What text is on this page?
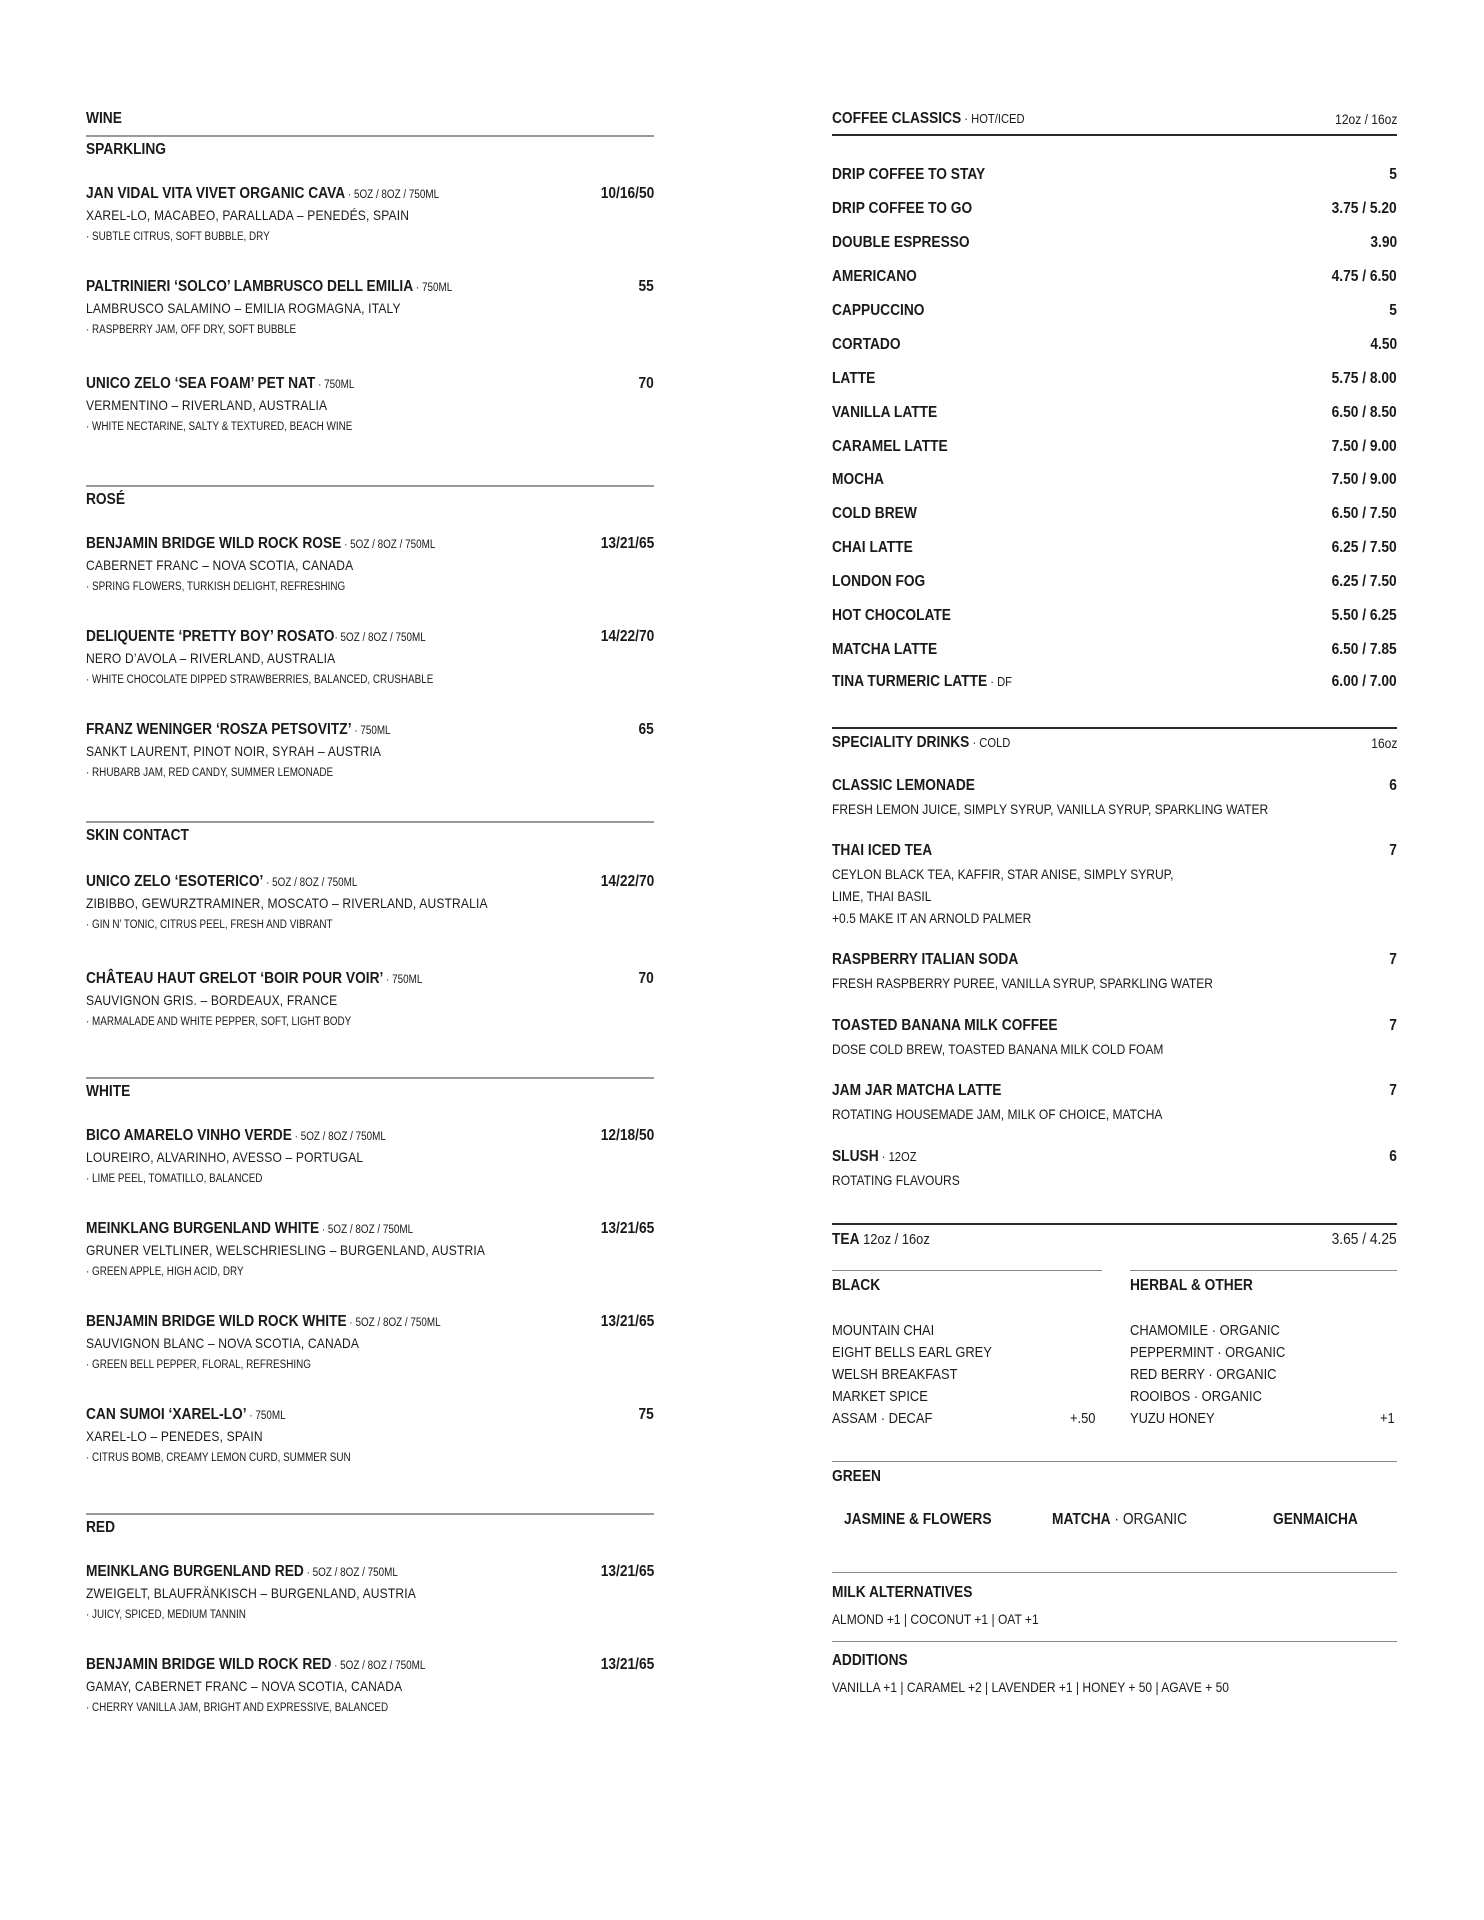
WINE
SPARKLING
JAN VIDAL VITA VIVET ORGANIC CAVA · 5OZ / 8OZ / 750ML	10/16/50
XAREL-LO, MACABEO, PARALLADA – PENEDÉS, SPAIN
· SUBTLE CITRUS, SOFT BUBBLE, DRY
PALTRINIERI ‘SOLCO’ LAMBRUSCO DELL EMILIA · 750ML	55
LAMBRUSCO SALAMINO – EMILIA ROGMAGNA, ITALY
· RASPBERRY JAM, OFF DRY, SOFT BUBBLE
UNICO ZELO ‘SEA FOAM’ PET NAT · 750ML	70
VERMENTINO – RIVERLAND, AUSTRALIA
· WHITE NECTARINE, SALTY & TEXTURED, BEACH WINE
ROSÉ
BENJAMIN BRIDGE WILD ROCK ROSE · 5OZ / 8OZ / 750ML	13/21/65
CABERNET FRANC – NOVA SCOTIA, CANADA
· SPRING FLOWERS, TURKISH DELIGHT, REFRESHING
DELIQUENTE ‘PRETTY BOY’ ROSATO· 5OZ / 8OZ / 750ML	14/22/70
NERO D’AVOLA – RIVERLAND, AUSTRALIA
· WHITE CHOCOLATE DIPPED STRAWBERRIES, BALANCED, CRUSHABLE
FRANZ WENINGER ‘ROSZA PETSOVITZ’ · 750ML	65
SANKT LAURENT, PINOT NOIR, SYRAH – AUSTRIA
· RHUBARB JAM, RED CANDY, SUMMER LEMONADE
SKIN CONTACT
UNICO ZELO ‘ESOTERICO’ · 5OZ / 8OZ / 750ML	14/22/70
ZIBIBBO, GEWURZTRAMINER, MOSCATO – RIVERLAND, AUSTRALIA
· GIN N’ TONIC, CITRUS PEEL, FRESH AND VIBRANT
CHÂTEAU HAUT GRELOT ‘BOIR POUR VOIR’ · 750ML	70
SAUVIGNON GRIS. – BORDEAUX, FRANCE
· MARMALADE AND WHITE PEPPER, SOFT, LIGHT BODY
WHITE
BICO AMARELO VINHO VERDE · 5OZ / 8OZ / 750ML	12/18/50
LOUREIRO, ALVARINHO, AVESSO – PORTUGAL
· LIME PEEL, TOMATILLO, BALANCED
MEINKLANG BURGENLAND WHITE · 5OZ / 8OZ / 750ML	13/21/65
GRUNER VELTLINER, WELSCHRIESLING – BURGENLAND, AUSTRIA
· GREEN APPLE, HIGH ACID, DRY
BENJAMIN BRIDGE WILD ROCK WHITE · 5OZ / 8OZ / 750ML	13/21/65
SAUVIGNON BLANC – NOVA SCOTIA, CANADA
· GREEN BELL PEPPER, FLORAL, REFRESHING
CAN SUMOI ‘XAREL-LO’ · 750ML	75
XAREL-LO – PENEDES, SPAIN
· CITRUS BOMB, CREAMY LEMON CURD, SUMMER SUN
RED
MEINKLANG BURGENLAND RED · 5OZ / 8OZ / 750ML	13/21/65
ZWEIGELT, BLAUFRÄNKISCH – BURGENLAND, AUSTRIA
· JUICY, SPICED, MEDIUM TANNIN
BENJAMIN BRIDGE WILD ROCK RED · 5OZ / 8OZ / 750ML	13/21/65
GAMAY, CABERNET FRANC – NOVA SCOTIA, CANADA
· CHERRY VANILLA JAM, BRIGHT AND EXPRESSIVE, BALANCED
COFFEE CLASSICS · HOT/ICED	12oz / 16oz
DRIP COFFEE TO STAY	5
DRIP COFFEE TO GO	3.75 / 5.20
DOUBLE ESPRESSO	3.90
AMERICANO	4.75 / 6.50
CAPPUCCINO	5
CORTADO	4.50
LATTE	5.75 / 8.00
VANILLA LATTE	6.50 / 8.50
CARAMEL LATTE	7.50 / 9.00
MOCHA	7.50 / 9.00
COLD BREW	6.50 / 7.50
CHAI LATTE	6.25 / 7.50
LONDON FOG	6.25 / 7.50
HOT CHOCOLATE	5.50 / 6.25
MATCHA LATTE	6.50 / 7.85
TINA TURMERIC LATTE · DF	6.00 / 7.00
SPECIALITY DRINKS · COLD	16oz
CLASSIC LEMONADE	6
FRESH LEMON JUICE, SIMPLY SYRUP, VANILLA SYRUP, SPARKLING WATER
THAI ICED TEA	7
CEYLON BLACK TEA, KAFFIR, STAR ANISE, SIMPLY SYRUP,
LIME, THAI BASIL
+0.5 MAKE IT AN ARNOLD PALMER
RASPBERRY ITALIAN SODA	7
FRESH RASPBERRY PUREE, VANILLA SYRUP, SPARKLING WATER
TOASTED BANANA MILK COFFEE	7
DOSE COLD BREW, TOASTED BANANA MILK COLD FOAM
JAM JAR MATCHA LATTE	7
ROTATING HOUSEMADE JAM, MILK OF CHOICE, MATCHA
SLUSH · 12OZ	6
ROTATING FLAVOURS
TEA 12oz / 16oz	3.65 / 4.25
BLACK	HERBAL & OTHER
MOUNTAIN CHAI
EIGHT BELLS EARL GREY
WELSH BREAKFAST
MARKET SPICE
ASSAM · DECAF	+.50
CHAMOMILE · ORGANIC
PEPPERMINT · ORGANIC
RED BERRY · ORGANIC
ROOIBOS · ORGANIC
YUZU HONEY	+1
GREEN
JASMINE & FLOWERS	MATCHA · ORGANIC	GENMAICHA
MILK ALTERNATIVES
ALMOND +1 | COCONUT +1 | OAT +1
ADDITIONS
VANILLA +1 | CARAMEL +2 | LAVENDER +1 | HONEY + 50 | AGAVE + 50
